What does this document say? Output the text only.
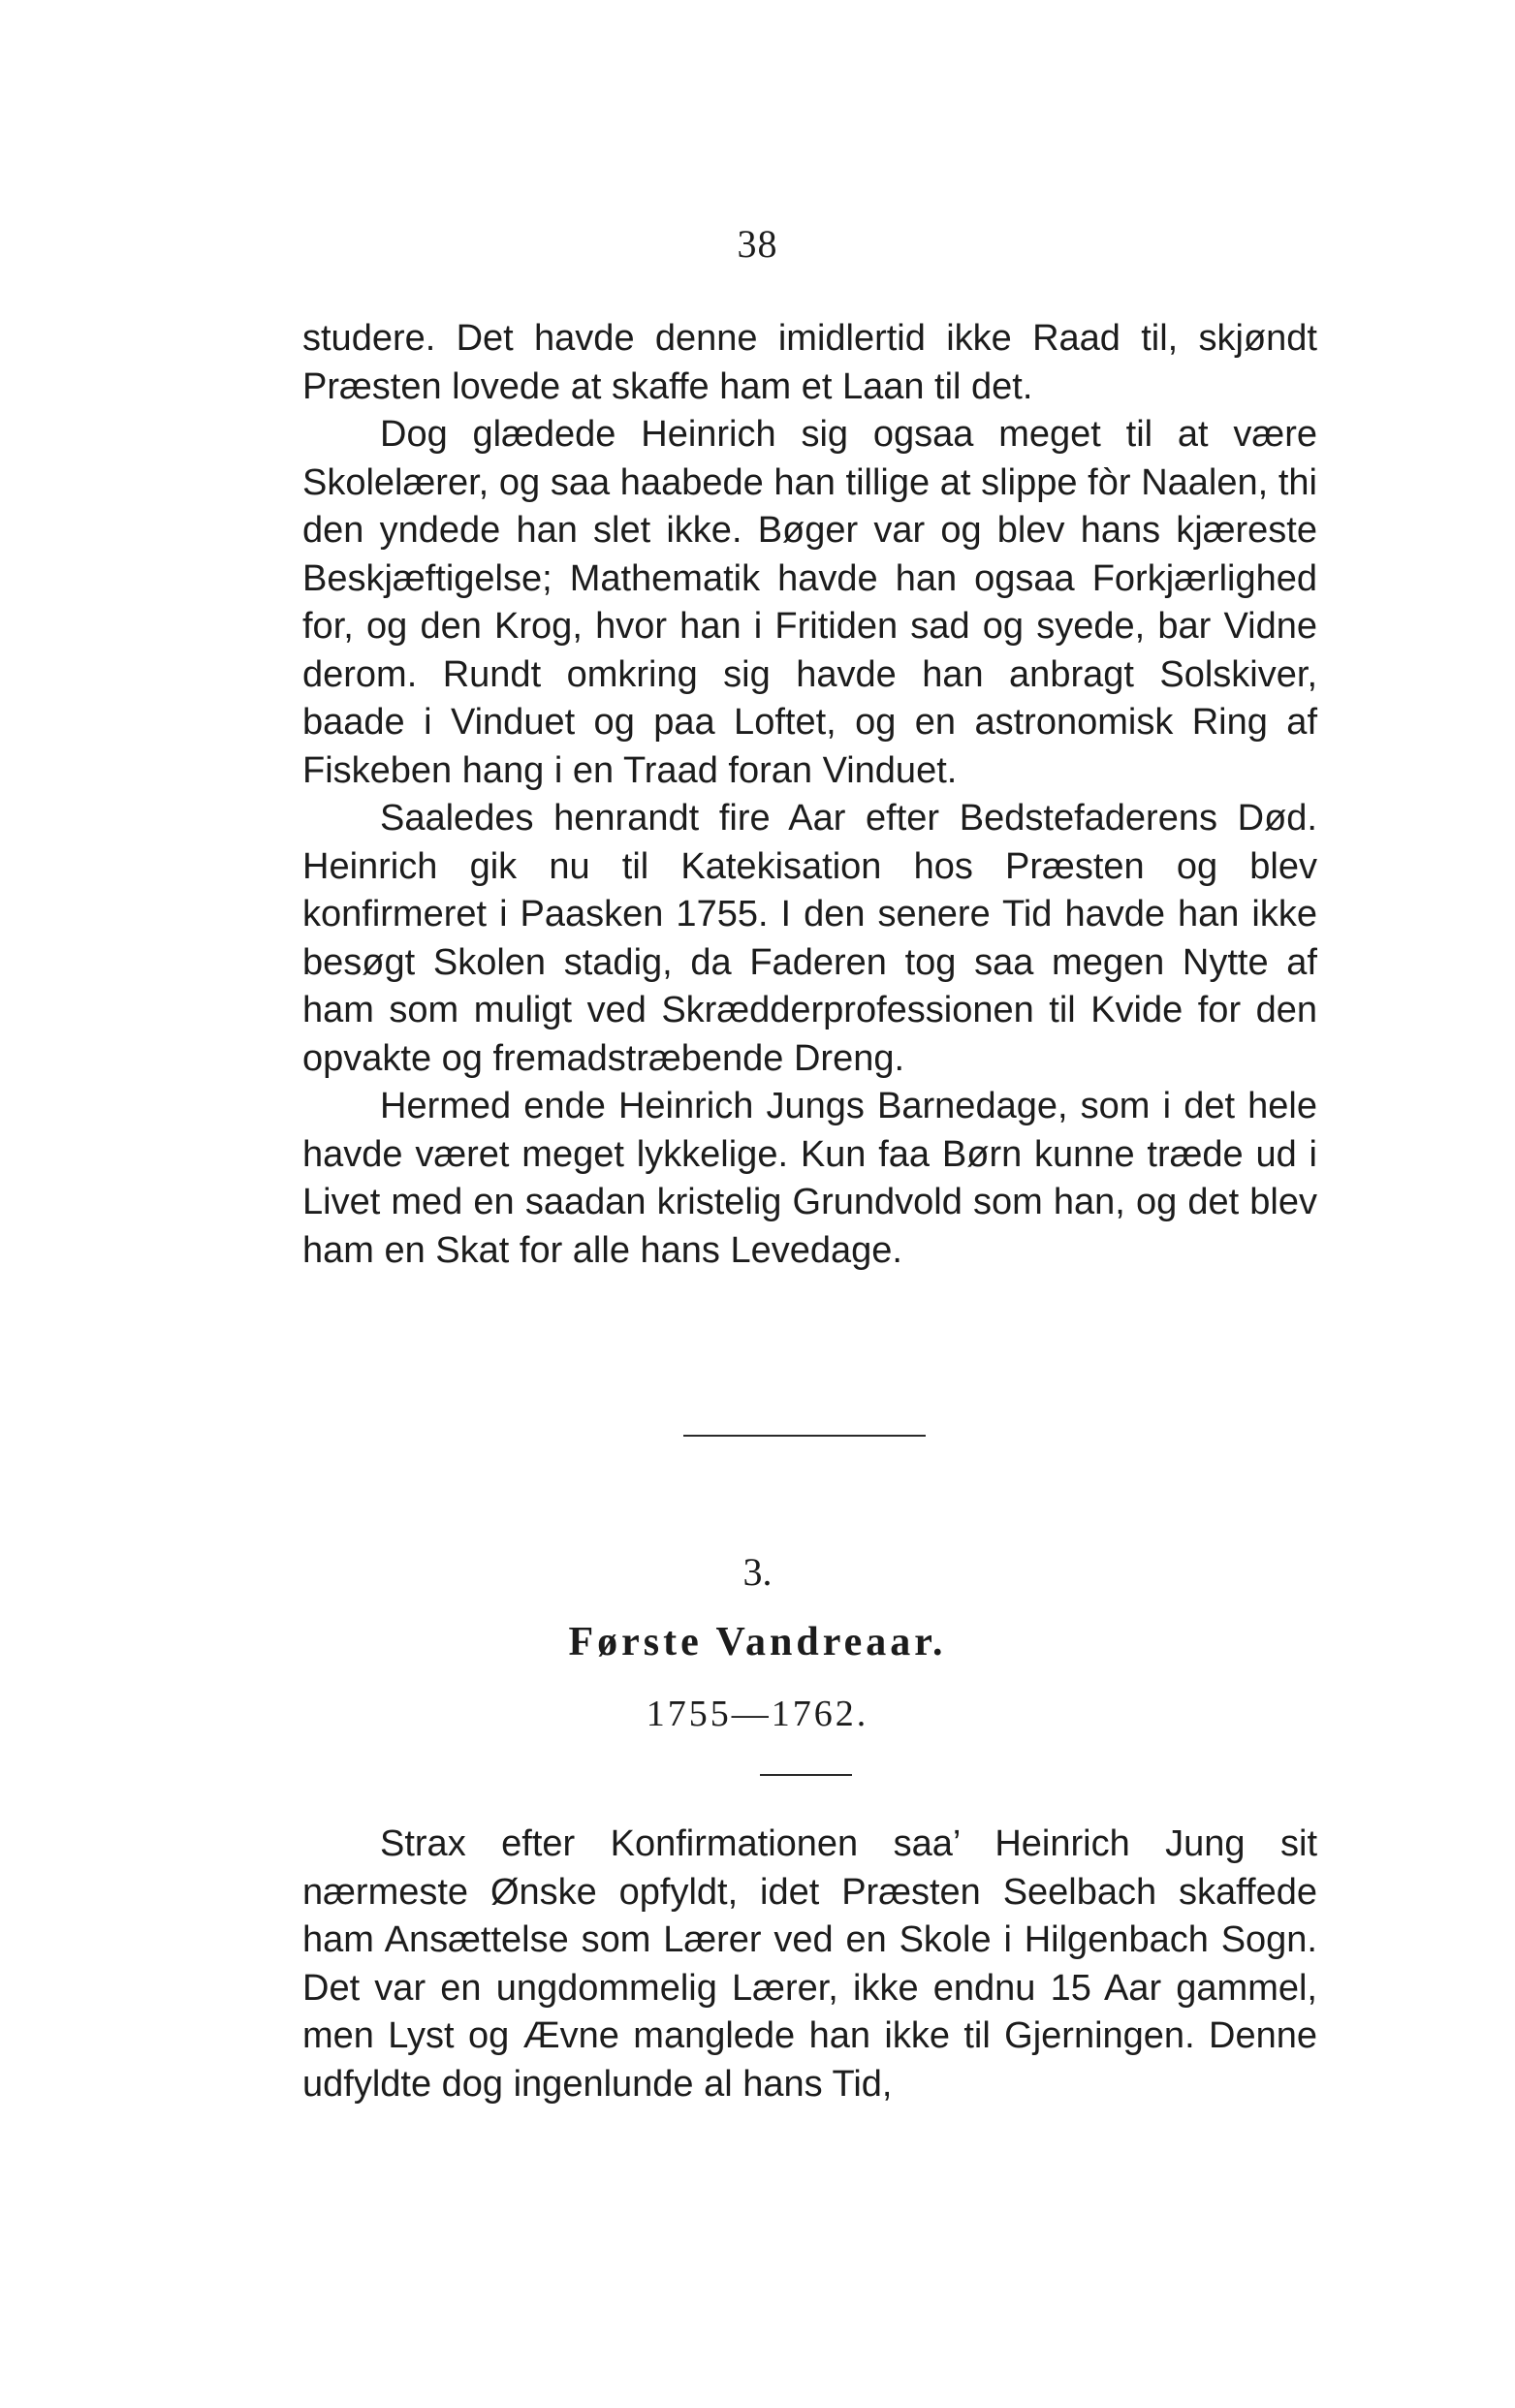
38

studere. Det havde denne imidlertid ikke Raad til, skjøndt Præsten lovede at skaffe ham et Laan til det.

Dog glædede Heinrich sig ogsaa meget til at være Skolelærer, og saa haabede han tillige at slippe fòr Naalen, thi den yndede han slet ikke. Bøger var og blev hans kjæreste Beskjæftigelse; Mathematik havde han ogsaa Forkjærlighed for, og den Krog, hvor han i Fritiden sad og syede, bar Vidne derom. Rundt omkring sig havde han anbragt Solskiver, baade i Vinduet og paa Loftet, og en astronomisk Ring af Fiskeben hang i en Traad foran Vinduet.

Saaledes henrandt fire Aar efter Bedstefaderens Død. Heinrich gik nu til Katekisation hos Præsten og blev konfirmeret i Paasken 1755. I den senere Tid havde han ikke besøgt Skolen stadig, da Faderen tog saa megen Nytte af ham som muligt ved Skrædderprofessionen til Kvide for den opvakte og fremadstræbende Dreng.

Hermed ende Heinrich Jungs Barnedage, som i det hele havde været meget lykkelige. Kun faa Børn kunne træde ud i Livet med en saadan kristelig Grundvold som han, og det blev ham en Skat for alle hans Levedage.

3.
Første Vandreaar.
1755—1762.

Strax efter Konfirmationen saa’ Heinrich Jung sit nærmeste Ønske opfyldt, idet Præsten Seelbach skaffede ham Ansættelse som Lærer ved en Skole i Hilgenbach Sogn. Det var en ungdommelig Lærer, ikke endnu 15 Aar gammel, men Lyst og Ævne manglede han ikke til Gjerningen. Denne udfyldte dog ingenlunde al hans Tid,
